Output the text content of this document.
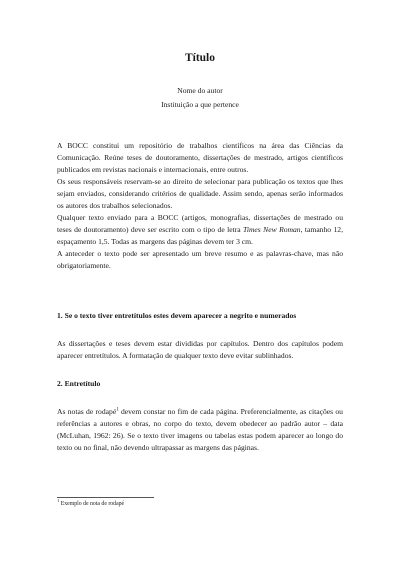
Título
Nome do autor
Instituição a que pertence

A BOCC constitui um repositório de trabalhos científicos na área das Ciências da Comunicação. Reúne teses de doutoramento, dissertações de mestrado, artigos científicos publicados em revistas nacionais e internacionais, entre outros.

Os seus responsáveis reservam-se ao direito de selecionar para publicação os textos que lhes sejam enviados, considerando critérios de qualidade. Assim sendo, apenas serão informados os autores dos trabalhos selecionados.

Qualquer texto enviado para a BOCC (artigos, monografias, dissertações de mestrado ou teses de doutoramento) deve ser escrito com o tipo de letra Times New Roman, tamanho 12, espaçamento 1,5. Todas as margens das páginas devem ter 3 cm.

A anteceder o texto pode ser apresentado um breve resumo e as palavras-chave, mas não obrigatoriamente.

1. Se o texto tiver entretítulos estes devem aparecer a negrito e numerados

As dissertações e teses devem estar divididas por capítulos. Dentro dos capítulos podem aparecer entretítulos. A formatação de qualquer texto deve evitar sublinhados.

2. Entretítulo

As notas de rodapé$^1$ devem constar no fim de cada página. Preferencialmente, as citações ou referências a autores e obras, no corpo do texto, devem obedecer ao padrão autor – data (McLuhan, 1962: 26). Se o texto tiver imagens ou tabelas estas podem aparecer ao longo do texto ou no final, não devendo ultrapassar as margens das páginas.

$^1$ Exemplo de nota de rodapé
